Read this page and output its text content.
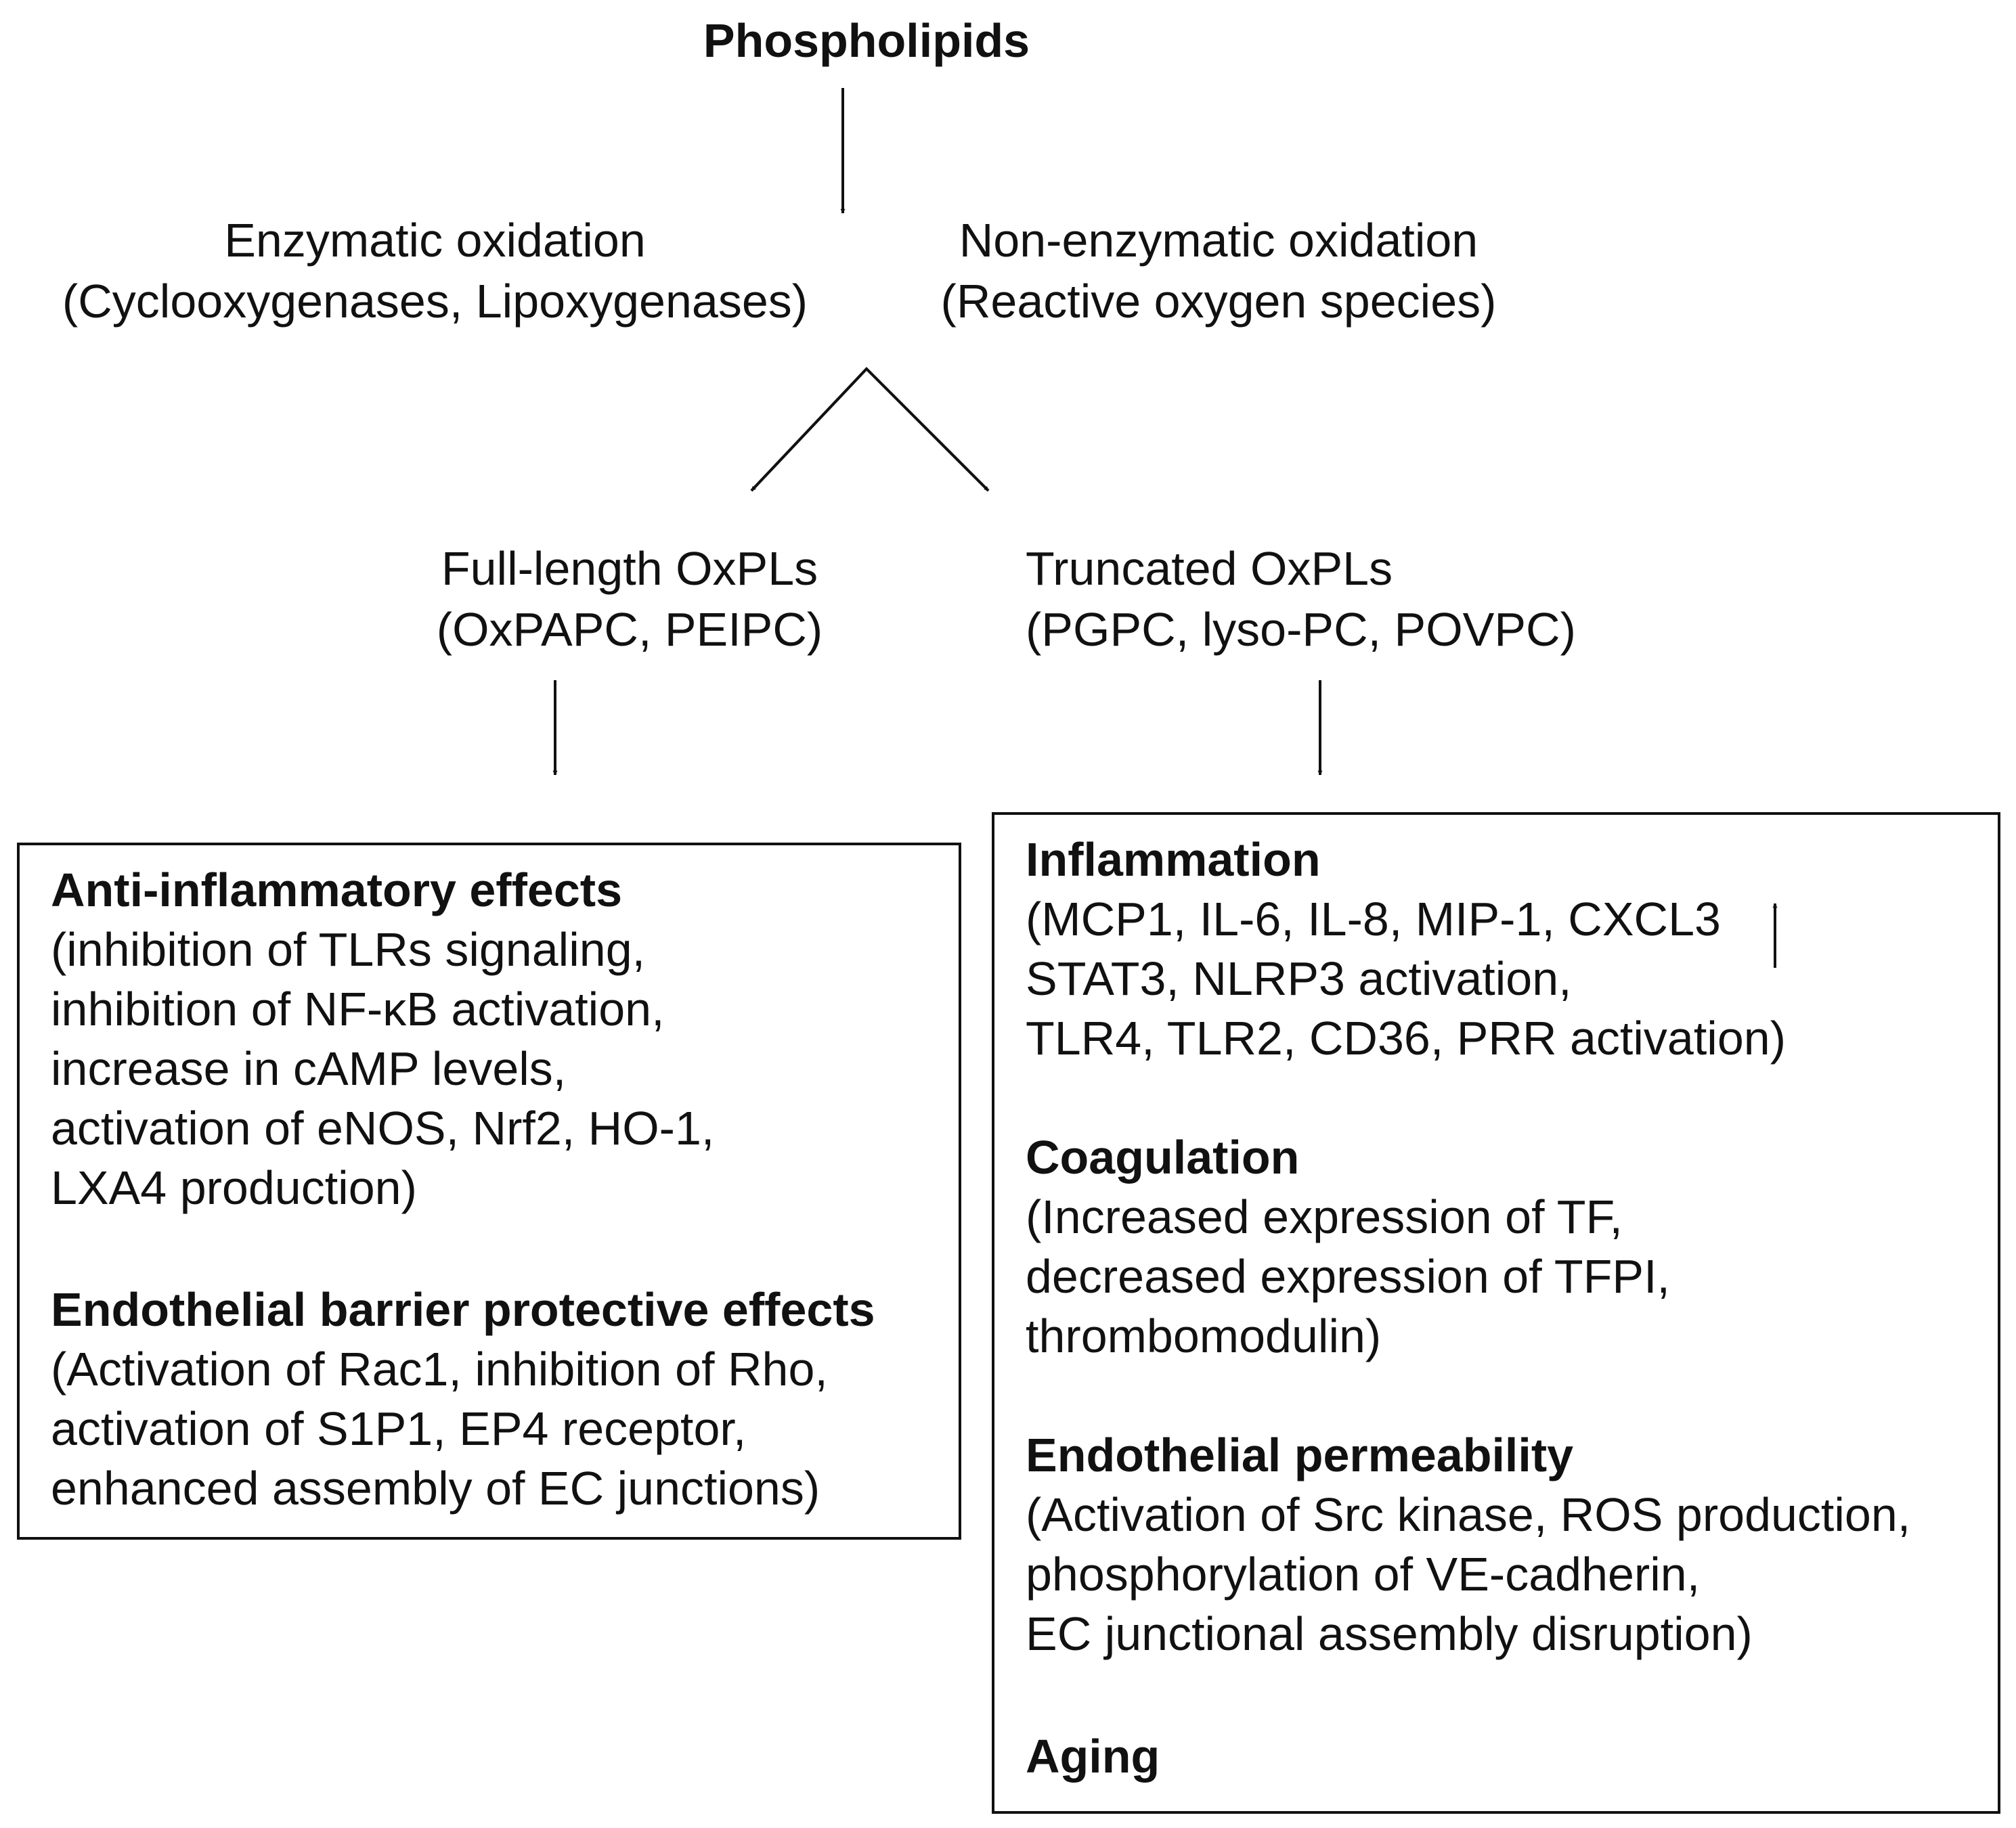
Phospholipids
Enzymatic oxidation
(Cyclooxygenases, Lipoxygenases)
Non-enzymatic oxidation
(Reactive oxygen species)
Full-length OxPLs
(OxPAPC, PEIPC)
Truncated OxPLs
(PGPC, lyso-PC, POVPC)
Anti-inflammatory effects
(inhibition of TLRs signaling,
inhibition of NF-κB activation,
increase in cAMP levels,
activation of eNOS, Nrf2, HO-1,
LXA4 production)
Endothelial barrier protective effects
(Activation of Rac1, inhibition of Rho,
activation of S1P1, EP4 receptor,
enhanced assembly of EC junctions)
Inflammation
(MCP1, IL-6, IL-8, MIP-1, CXCL3
STAT3, NLRP3 activation,
TLR4, TLR2, CD36, PRR activation)
Coagulation
(Increased expression of TF,
decreased expression of TFPI,
thrombomodulin)
Endothelial permeability
(Activation of Src kinase, ROS production,
phosphorylation of VE-cadherin,
EC junctional assembly disruption)
Aging
